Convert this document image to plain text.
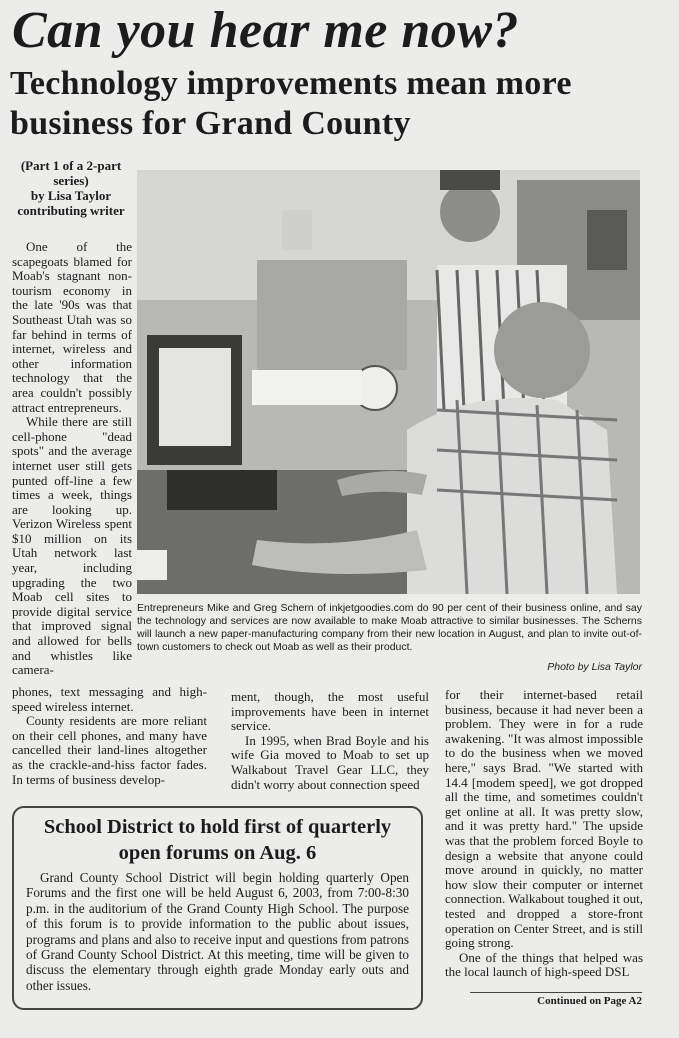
Can you hear me now?
Technology improvements mean more business for Grand County
(Part 1 of a 2-part series)
by Lisa Taylor
contributing writer

One of the scapegoats blamed for Moab's stagnant non-tourism economy in the late '90s was that Southeast Utah was so far behind in terms of internet, wireless and other information technology that the area couldn't possibly attract entrepreneurs.

While there are still cell-phone "dead spots" and the average internet user still gets punted off-line a few times a week, things are looking up. Verizon Wireless spent $10 million on its Utah network last year, including upgrading the two Moab cell sites to provide digital service that improved signal and allowed for bells and whistles like camera-

Entrepreneurs Mike and Greg Schern of inkjetgoodies.com do 90 per cent of their business online, and say the technology and services are now available to make Moab attractive to similar businesses. The Scherns will launch a new paper-manufacturing company from their new location in August, and plan to invite out-of-town customers to check out Moab as well as their product.
Photo by Lisa Taylor

phones, text messaging and high-speed wireless internet.

County residents are more reliant on their cell phones, and many have cancelled their land-lines altogether as the crackle-and-hiss factor fades. In terms of business develop-

ment, though, the most useful improvements have been in internet service.

In 1995, when Brad Boyle and his wife Gia moved to Moab to set up Walkabout Travel Gear LLC, they didn't worry about connection speed

for their internet-based retail business, because it had never been a problem. They were in for a rude awakening. "It was almost impossible to do the business when we moved here," says Brad. "We started with 14.4 [modem speed], we got dropped all the time, and sometimes couldn't get online at all. It was pretty slow, and it was pretty hard." The upside was that the problem forced Boyle to design a website that anyone could move around in quickly, no matter how slow their computer or internet connection. Walkabout toughed it out, tested and dropped a store-front operation on Center Street, and is still going strong.

One of the things that helped was the local launch of high-speed DSL

School District to hold first of quarterly open forums on Aug. 6

Grand County School District will begin holding quarterly Open Forums and the first one will be held August 6, 2003, from 7:00-8:30 p.m. in the auditorium of the Grand County High School. The purpose of this forum is to provide information to the public about issues, programs and plans and also to receive input and questions from patrons of Grand County School District. At this meeting, time will be given to discuss the elementary through eighth grade Monday early outs and other issues.

Continued on Page A2
